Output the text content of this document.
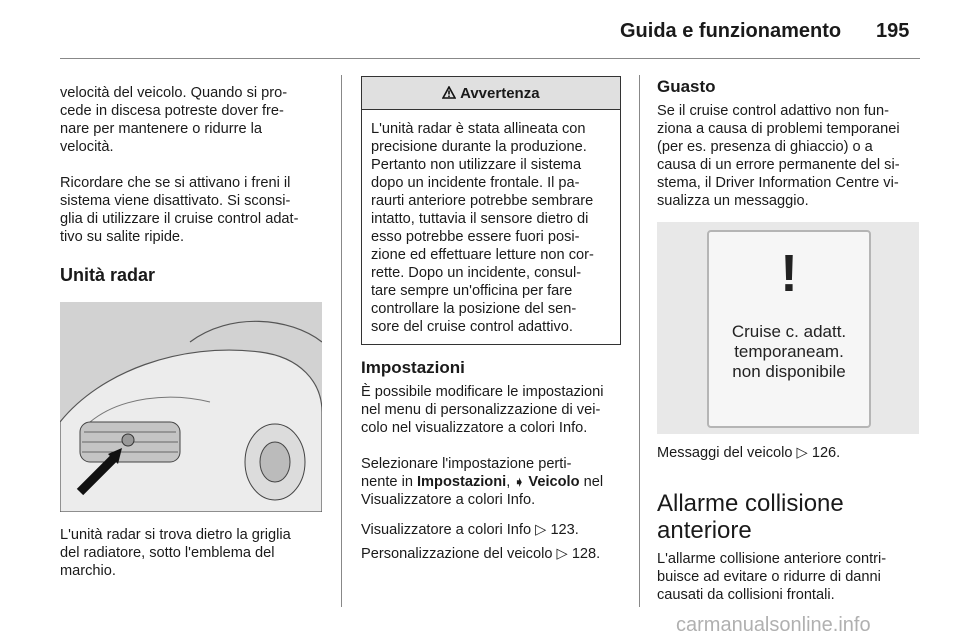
Guida e funzionamento 195

velocità del veicolo. Quando si pro-
cede in discesa potreste dover fre-
nare per mantenere o ridurre la
velocità.

Ricordare che se si attivano i freni il
sistema viene disattivato. Si sconsi-
glia di utilizzare il cruise control adat-
tivo su salite ripide.

Unità radar

L'unità radar si trova dietro la griglia
del radiatore, sotto l'emblema del
marchio.

Avvertenza
L'unità radar è stata allineata con
precisione durante la produzione.
Pertanto non utilizzare il sistema
dopo un incidente frontale. Il pa-
raurti anteriore potrebbe sembrare
intatto, tuttavia il sensore dietro di
esso potrebbe essere fuori posi-
zione ed effettuare letture non cor-
rette. Dopo un incidente, consul-
tare sempre un'officina per fare
controllare la posizione del sen-
sore del cruise control adattivo.
Impostazioni

È possibile modificare le impostazioni
nel menu di personalizzazione di vei-
colo nel visualizzatore a colori Info.

Selezionare l'impostazione perti-
nente in Impostazioni, ➧ Veicolo nel
Visualizzatore a colori Info.

Visualizzatore a colori Info ▷ 123.
Personalizzazione del veicolo ▷ 128.
Guasto

Se il cruise control adattivo non fun-
ziona a causa di problemi temporanei
(per es. presenza di ghiaccio) o a
causa di un errore permanente del si-
stema, il Driver Information Centre vi-
sualizza un messaggio.

!
Cruise c. adatt.
temporaneam.
non disponibile
Messaggi del veicolo ▷ 126.
Allarme collisione
anteriore

L'allarme collisione anteriore contri-
buisce ad evitare o ridurre di danni
causati da collisioni frontali.

carmanualsonline.info
